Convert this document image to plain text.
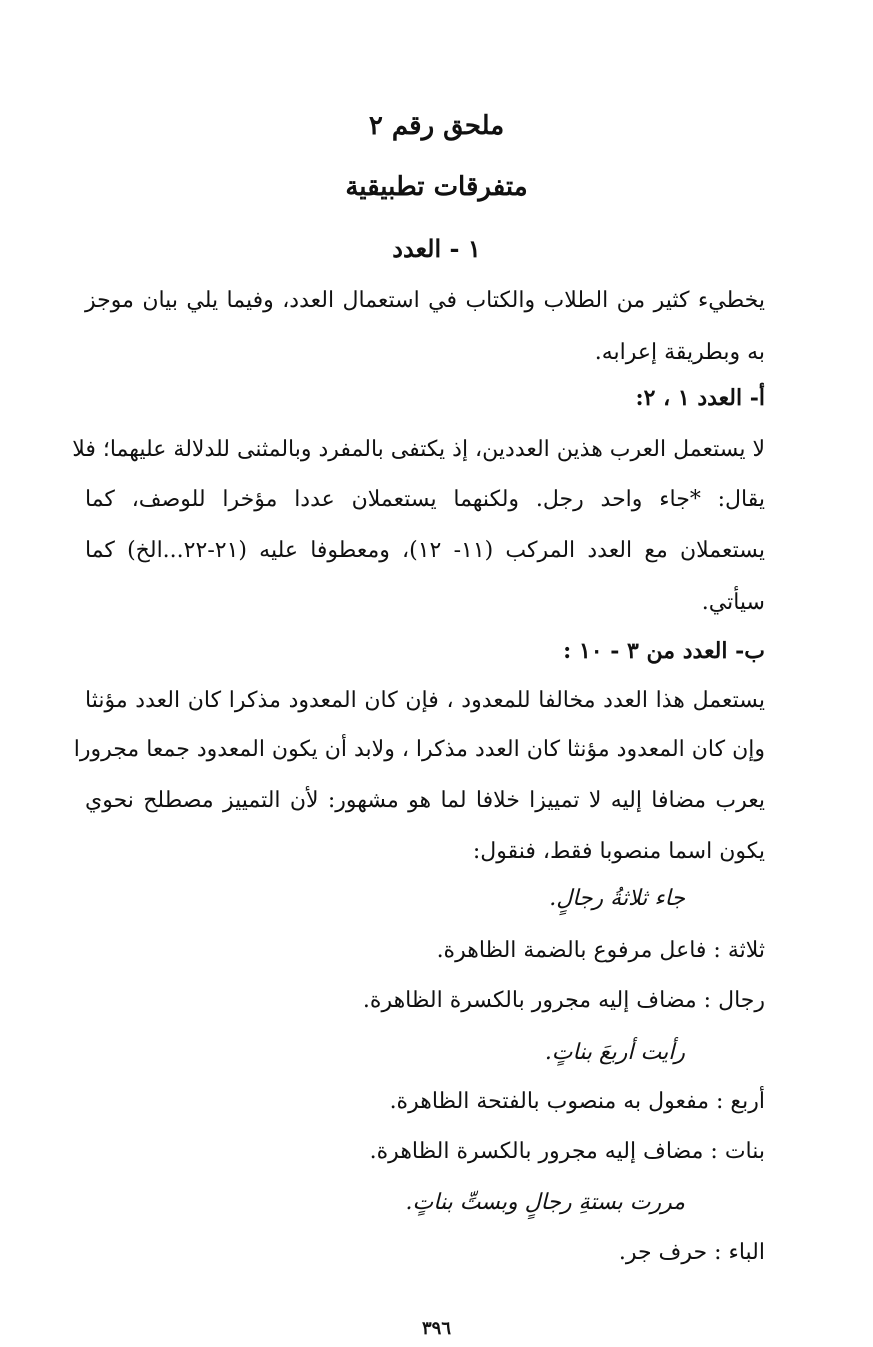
ملحق رقم ٢
متفرقات تطبيقية
١ - العدد
يخطيء كثير من الطلاب والكتاب في استعمال العدد، وفيما يلي بيان موجز
به وبطريقة إعرابه.
أ- العدد ١ ، ٢:
لا يستعمل العرب هذين العددين، إذ يكتفى بالمفرد وبالمثنى للدلالة عليهما؛ فلا
يقال: *جاء واحد رجل. ولكنهما يستعملان عددا مؤخرا للوصف، كما
يستعملان مع العدد المركب (١١- ١٢)، ومعطوفا عليه (٢١-٢٢...الخ) كما
سيأتي.
ب- العدد من ٣ - ١٠ :
يستعمل هذا العدد مخالفا للمعدود ، فإن كان المعدود مذكرا كان العدد مؤنثا
وإن كان المعدود مؤنثا كان العدد مذكرا ، ولابد أن يكون المعدود جمعا مجرورا
يعرب مضافا إليه لا تمييزا خلافا لما هو مشهور: لأن التمييز مصطلح نحوي
يكون اسما منصوبا فقط، فنقول:
جاء ثلاثةُ رجالٍ.
ثلاثة : فاعل مرفوع بالضمة الظاهرة.
رجال : مضاف إليه مجرور بالكسرة الظاهرة.
رأيت أربعَ بناتٍ.
أربع : مفعول به منصوب بالفتحة الظاهرة.
بنات : مضاف إليه مجرور بالكسرة الظاهرة.
مررت بستةِ رجالٍ وبستِّ بناتٍ.
الباء : حرف جر.
٣٩٦
